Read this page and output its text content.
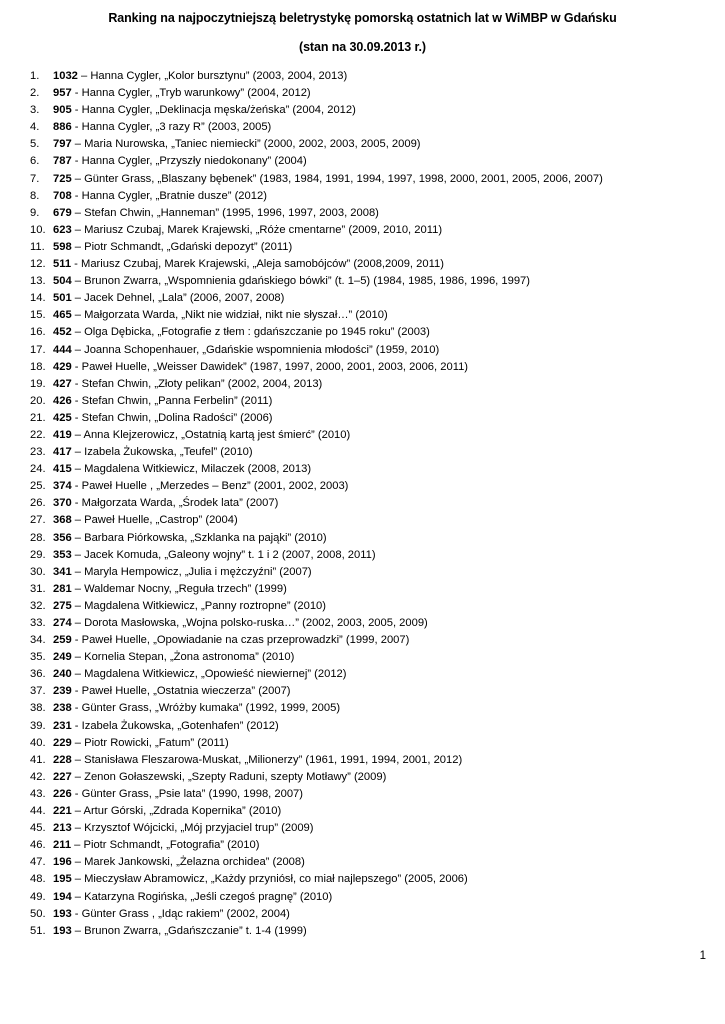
Ranking na najpoczytniejszą beletrystykę pomorską ostatnich lat w WiMBP w Gdańsku
(stan na 30.09.2013 r.)
1.	1032 – Hanna Cygler, „Kolor bursztynu” (2003, 2004, 2013)
2.	957 - Hanna Cygler, „Tryb warunkowy” (2004, 2012)
3.	905 - Hanna Cygler, „Deklinacja męska/żeńska” (2004, 2012)
4.	886 - Hanna Cygler, „3 razy R” (2003, 2005)
5.	797 – Maria Nurowska, „Taniec niemiecki” (2000, 2002, 2003, 2005, 2009)
6.	787 - Hanna Cygler, „Przyszły niedokonany” (2004)
7.	725 – Günter Grass, „Blaszany bębenek” (1983, 1984, 1991, 1994, 1997, 1998, 2000, 2001, 2005, 2006, 2007)
8.	708 - Hanna Cygler, „Bratnie dusze” (2012)
9.	679 – Stefan Chwin, „Hanneman” (1995, 1996, 1997, 2003, 2008)
10. 623 – Mariusz Czubaj, Marek Krajewski, „Róże cmentarne” (2009, 2010, 2011)
11. 598 – Piotr Schmandt, „Gdański depozyt” (2011)
12. 511 - Mariusz Czubaj, Marek Krajewski, „Aleja samobójców” (2008,2009, 2011)
13. 504 – Brunon Zwarra, „Wspomnienia gdańskiego bówki” (t. 1–5) (1984, 1985, 1986, 1996, 1997)
14. 501 – Jacek Dehnel, „Lala” (2006, 2007, 2008)
15. 465 – Małgorzata Warda, „Nikt nie widział, nikt nie słyszał…” (2010)
16. 452 – Olga Dębicka, „Fotografie z tłem : gdańszczanie po 1945 roku” (2003)
17. 444 – Joanna Schopenhauer, „Gdańskie wspomnienia młodości” (1959, 2010)
18. 429 - Paweł Huelle, „Weisser Dawidek” (1987, 1997, 2000, 2001, 2003, 2006, 2011)
19. 427 - Stefan Chwin, „Złoty pelikan” (2002, 2004, 2013)
20. 426 - Stefan Chwin, „Panna Ferbelin” (2011)
21. 425 - Stefan Chwin, „Dolina Radości” (2006)
22. 419 – Anna Klejzerowicz, „Ostatnią kartą jest śmierć” (2010)
23. 417 – Izabela Żukowska, „Teufel” (2010)
24. 415 – Magdalena Witkiewicz, Milaczek (2008, 2013)
25. 374 - Paweł Huelle , „Merzedes – Benz” (2001, 2002, 2003)
26. 370 - Małgorzata Warda, „Środek lata” (2007)
27. 368 – Paweł Huelle, „Castrop” (2004)
28. 356 – Barbara Piórkowska, „Szklanka na pająki” (2010)
29. 353 – Jacek Komuda, „Galeony wojny” t. 1 i 2 (2007, 2008, 2011)
30. 341 – Maryla Hempowicz, „Julia i mężczyźni” (2007)
31. 281 – Waldemar Nocny, „Reguła trzech” (1999)
32. 275 – Magdalena Witkiewicz, „Panny roztropne” (2010)
33. 274 – Dorota Masłowska, „Wojna polsko-ruska…” (2002, 2003, 2005, 2009)
34. 259 - Paweł Huelle, „Opowiadanie na czas przeprowadzki” (1999, 2007)
35. 249 – Kornelia Stepan, „Żona astronoma” (2010)
36. 240 – Magdalena Witkiewicz, „Opowieść niewiernej” (2012)
37. 239 - Paweł Huelle, „Ostatnia wieczerza” (2007)
38. 238 - Günter Grass, „Wróżby kumaka” (1992, 1999, 2005)
39. 231 - Izabela Żukowska, „Gotenhafen” (2012)
40. 229 – Piotr Rowicki, „Fatum” (2011)
41. 228 – Stanisława Fleszarowa-Muskat, „Milionerzy” (1961, 1991, 1994, 2001, 2012)
42. 227 – Zenon Gołaszewski, „Szepty Raduni, szepty Motławy” (2009)
43. 226 - Günter Grass, „Psie lata” (1990, 1998, 2007)
44. 221 – Artur Górski, „Zdrada Kopernika” (2010)
45. 213 – Krzysztof Wójcicki, „Mój przyjaciel trup” (2009)
46. 211 – Piotr Schmandt, „Fotografia” (2010)
47. 196 – Marek Jankowski, „Żelazna orchidea” (2008)
48. 195 – Mieczysław Abramowicz, „Każdy przyniósł, co miał najlepszego” (2005, 2006)
49. 194 – Katarzyna Rogińska, „Jeśli czegoś pragnę” (2010)
50. 193 - Günter Grass , „Idąc rakiem” (2002, 2004)
51. 193 – Brunon Zwarra, „Gdańszczanie” t. 1-4 (1999)
1
